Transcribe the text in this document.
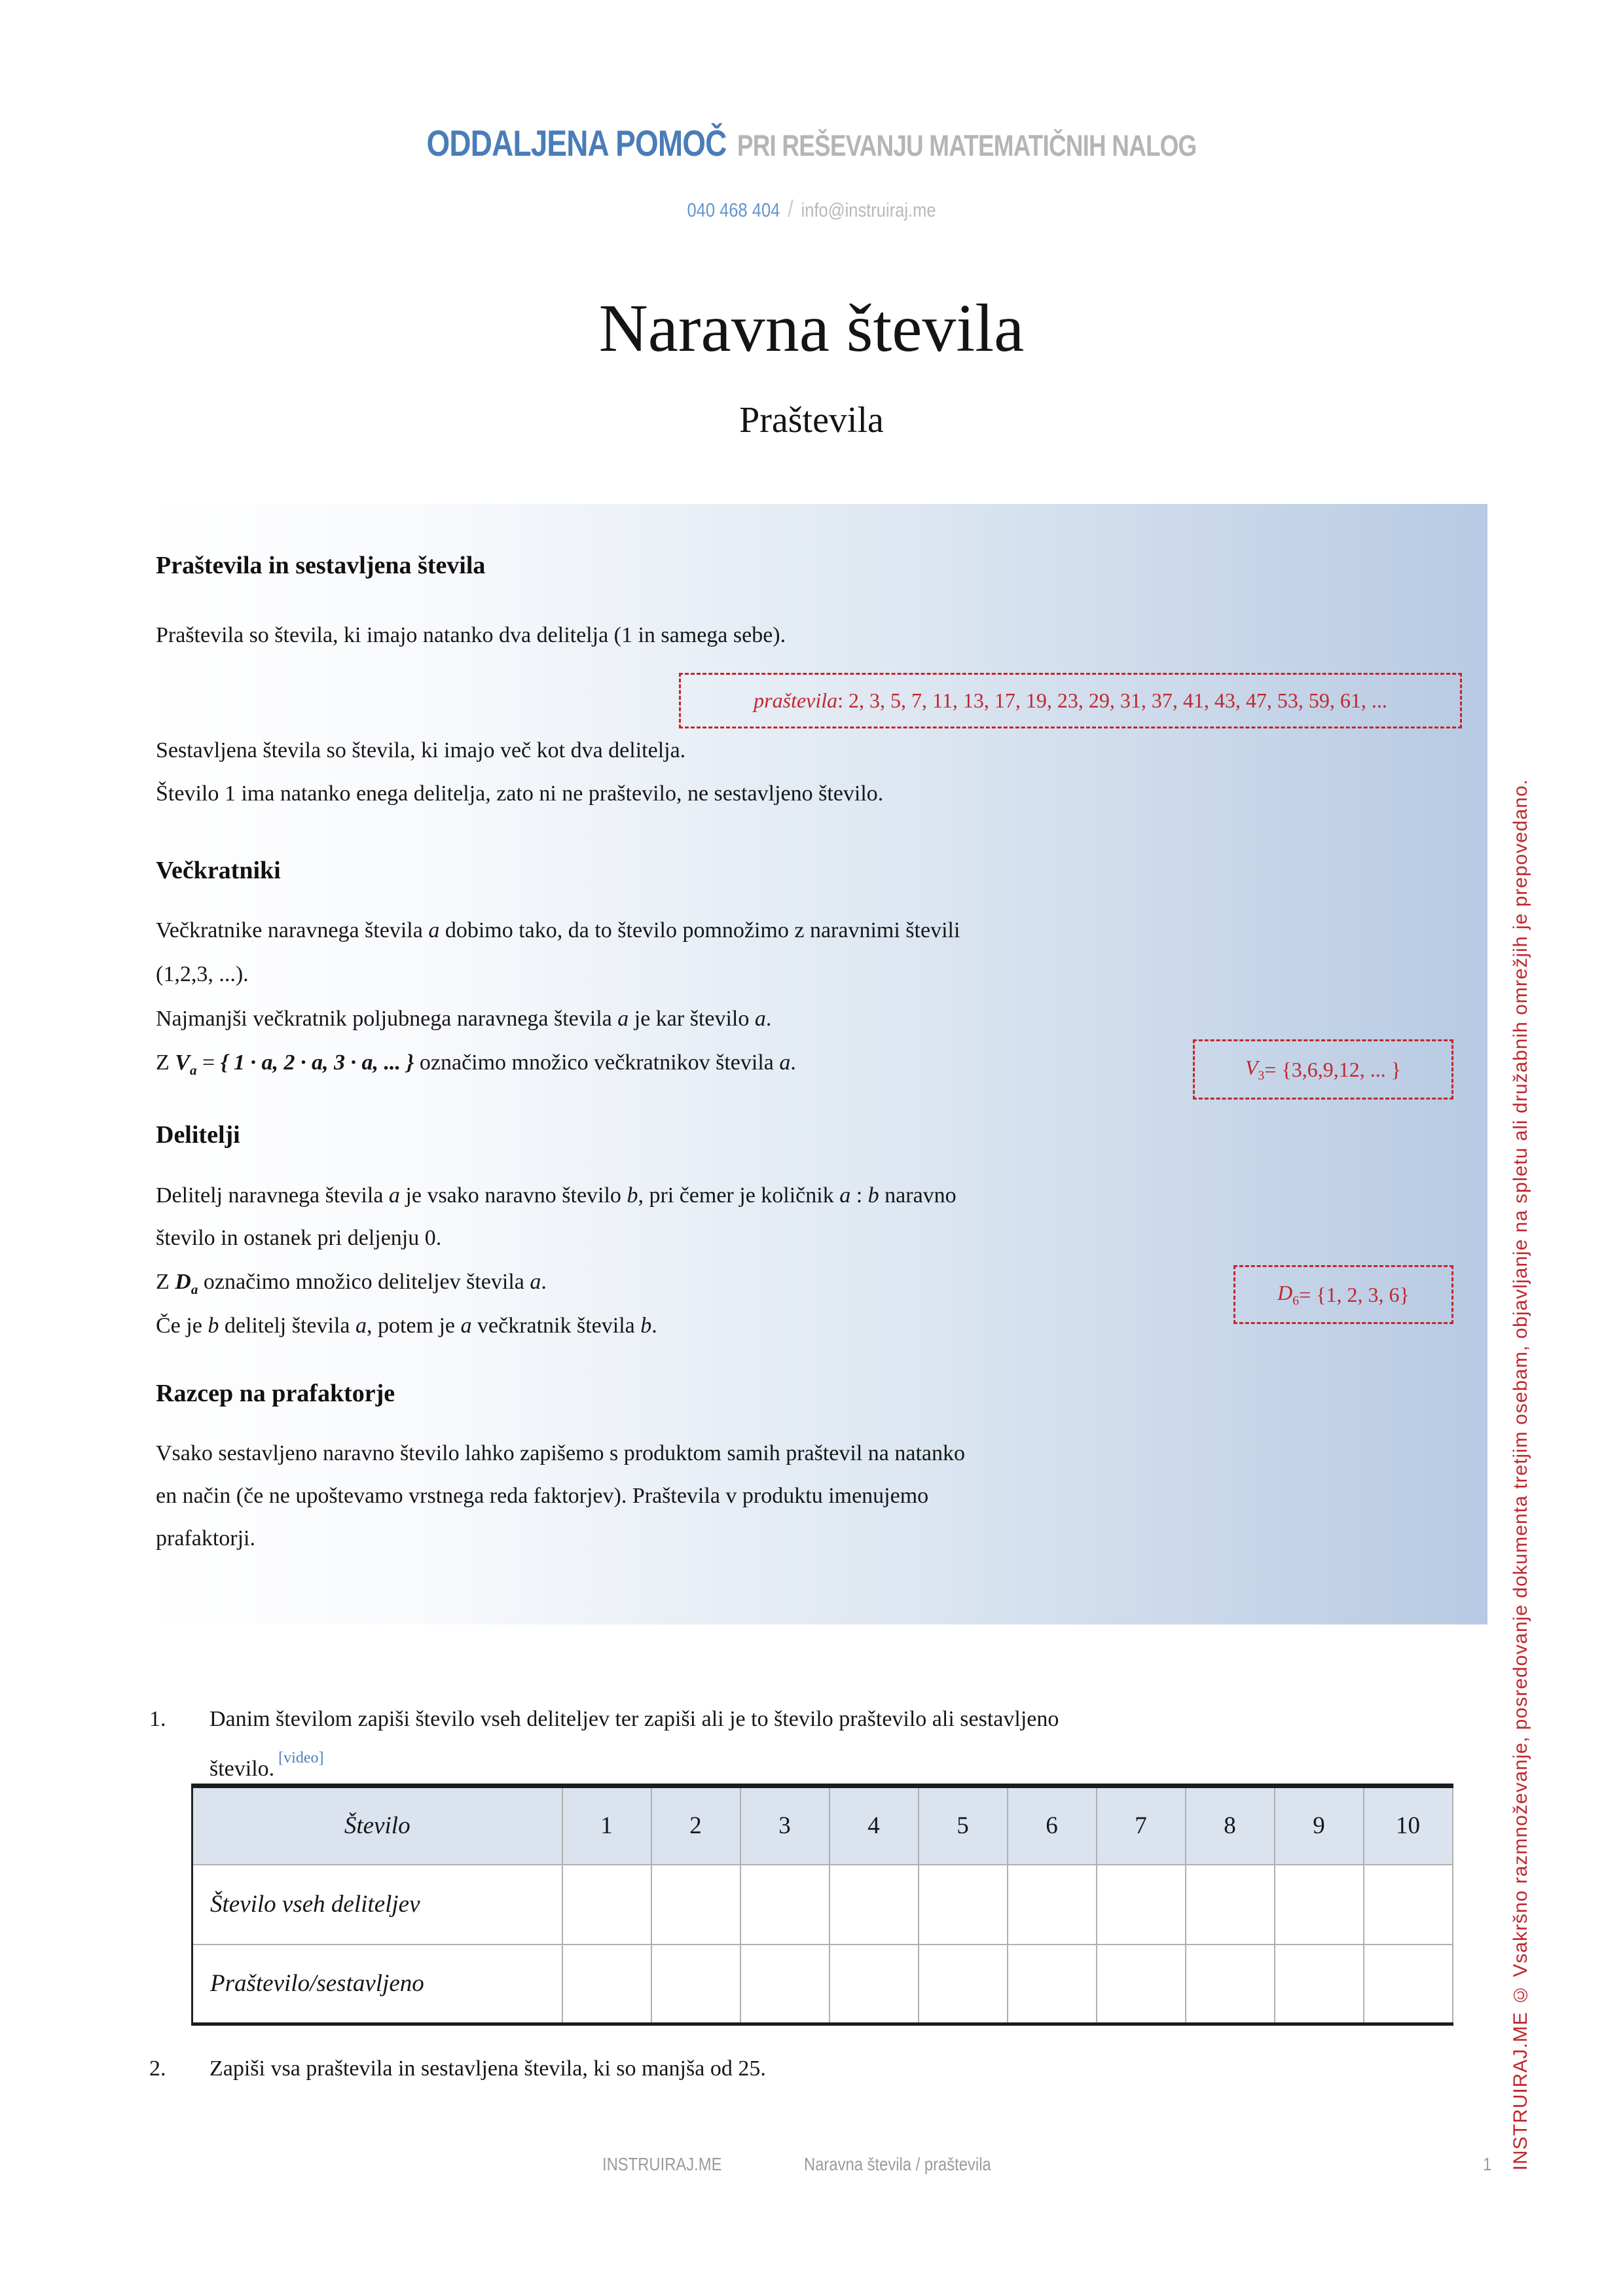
ODDALJENA POMOČ PRI REŠEVANJU MATEMATIČNIH NALOG
040 468 404 / info@instruiraj.me
Naravna števila
Praštevila
Praštevila in sestavljena števila
Praštevila so števila, ki imajo natanko dva delitelja (1 in samega sebe).
praštevila : 2, 3, 5, 7, 11, 13, 17, 19, 23, 29, 31, 37, 41, 43, 47, 53, 59, 61, ...
Sestavljena števila so števila, ki imajo več kot dva delitelja.
Število 1 ima natanko enega delitelja, zato ni ne praštevilo, ne sestavljeno število.
Večkratniki
Večkratnike naravnega števila a dobimo tako, da to število pomnožimo z naravnimi števili
(1,2,3, ...).
Najmanjši večkratnik poljubnega naravnega števila a je kar število a.
Z $V_a$ = { 1 · a, 2 · a, 3 · a, ... } označimo množico večkratnikov števila a.	$V_3 = \{3,6,9,12$, ... }
Delitelji
Delitelj naravnega števila a je vsako naravno število b, pri čemer je količnik a : b naravno
število in ostanek pri deljenju 0.
Z $D_a$ označimo množico deliteljev števila a.	$D_6 = \{1$, 2, 3, 6}
Če je b delitelj števila a, potem je a večkratnik števila b.
Razcep na prafaktorje
Vsako sestavljeno naravno število lahko zapišemo s produktom samih praštevil na natanko
en način (če ne upoštevamo vrstnega reda faktorjev). Praštevila v produktu imenujemo
prafaktorji.
1. Danim številom zapiši število vseh deliteljev ter zapiši ali je to število praštevilo ali sestavljeno
število. [video]
Število	1	2	3	4	5	6	7	8	9	10
Število vseh deliteljev										
Praštevilo/sestavljeno										
2. Zapiši vsa praštevila in sestavljena števila, ki so manjša od 25.
INSTRUIRAJ.ME	Naravna števila / praštevila	1 INSTRUIRAJ.ME © Vsakršno razmnoževanje, posredovanje dokumenta tretjim osebam, objavljanje na spletu ali družabnih omrežjih je prepovedano.
